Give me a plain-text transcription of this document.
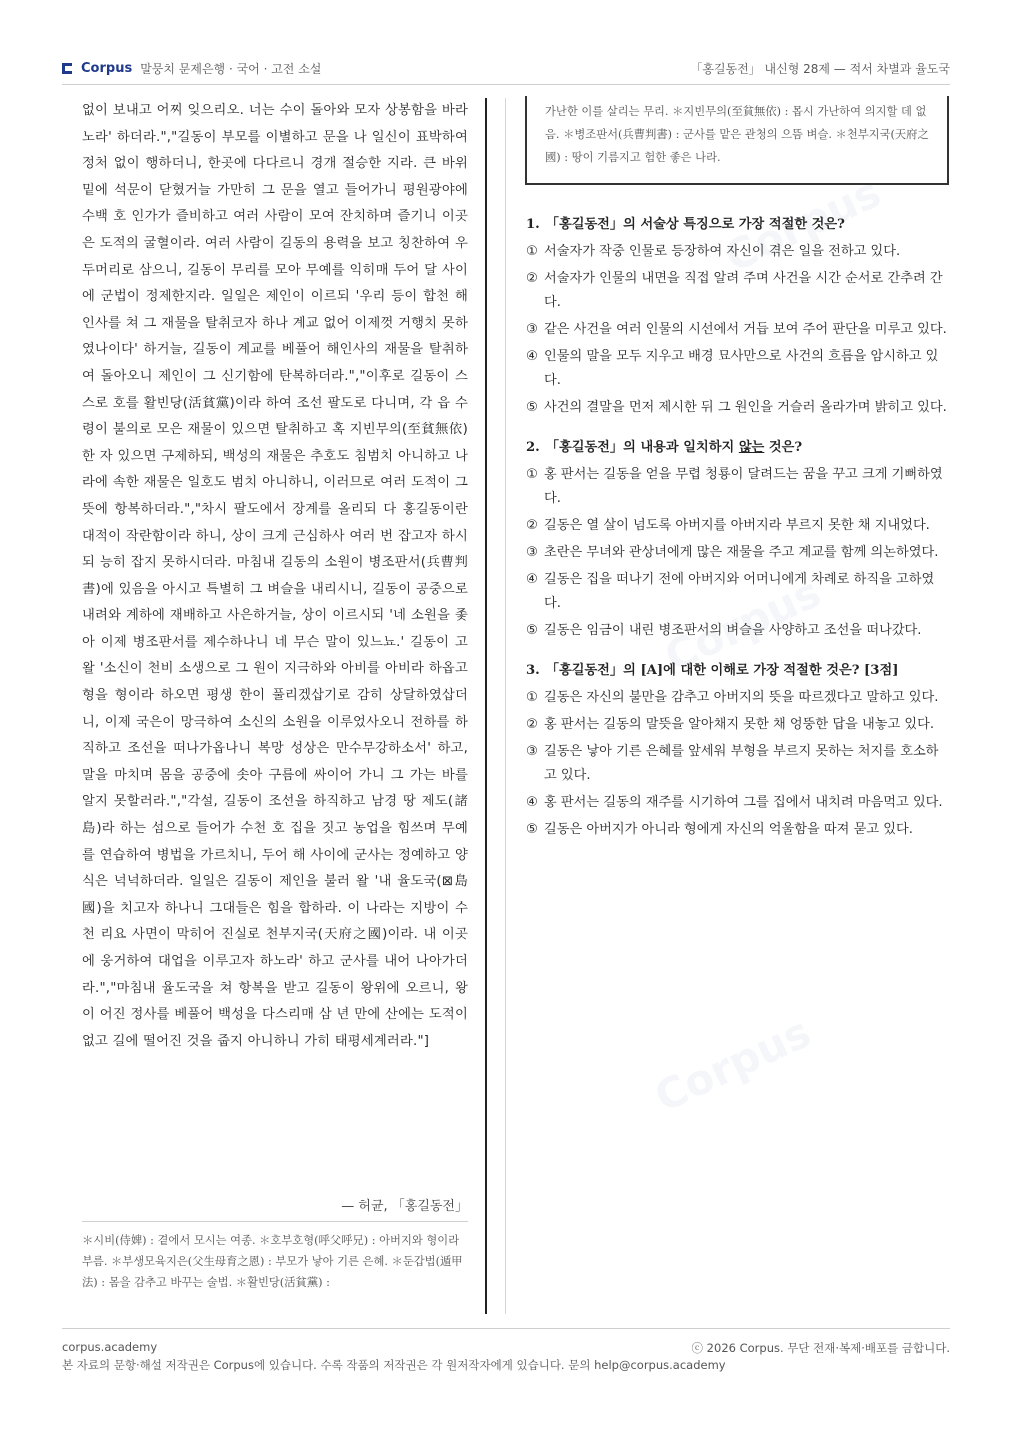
Corpus 말뭉치 문제은행 · 국어 · 고전 소설	「홍길동전」 내신형 28제 — 적서 차별과 율도국
없이 보내고 어찌 잊으리오. 너는 수이 돌아와 모자 상봉함을 바라노라' 하더라.","길동이 부모를 이별하고 문을 나 일신이 표박하여 정처 없이 행하더니, 한곳에 다다르니 경개 절승한 지라. 큰 바위 밑에 석문이 닫혔거늘 가만히 그 문을 열고 들어가니 평원광야에 수백 호 인가가 즐비하고 여러 사람이 모여 잔치하며 즐기니 이곳은 도적의 굴혈이라. 여러 사람이 길동의 용력을 보고 칭찬하여 우두머리로 삼으니, 길동이 무리를 모아 무예를 익히매 두어 달 사이에 군법이 정제한지라. 일일은 제인이 이르되 '우리 등이 합천 해인사를 쳐 그 재물을 탈취코자 하나 계교 없어 이제껏 거행치 못하였나이다' 하거늘, 길동이 계교를 베풀어 해인사의 재물을 탈취하여 돌아오니 제인이 그 신기함에 탄복하더라.","이후로 길동이 스스로 호를 활빈당(活貧黨)이라 하여 조선 팔도로 다니며, 각 읍 수령이 불의로 모은 재물이 있으면 탈취하고 혹 지빈무의(至貧無依)한 자 있으면 구제하되, 백성의 재물은 추호도 침범치 아니하고 나라에 속한 재물은 일호도 범치 아니하니, 이러므로 여러 도적이 그 뜻에 항복하더라.","차시 팔도에서 장계를 올리되 다 홍길동이란 대적이 작란함이라 하니, 상이 크게 근심하사 여러 번 잡고자 하시되 능히 잡지 못하시더라. 마침내 길동의 소원이 병조판서(兵曹判書)에 있음을 아시고 특별히 그 벼슬을 내리시니, 길동이 공중으로 내려와 계하에 재배하고 사은하거늘, 상이 이르시되 '네 소원을 좇아 이제 병조판서를 제수하나니 네 무슨 말이 있느뇨.' 길동이 고 왈 '소신이 천비 소생으로 그 원이 지극하와 아비를 아비라 하옵고 형을 형이라 하오면 평생 한이 풀리겠삽기로 감히 상달하였삽더니, 이제 국은이 망극하여 소신의 소원을 이루었사오니 전하를 하직하고 조선을 떠나가옵나니 복망 성상은 만수무강하소서' 하고, 말을 마치며 몸을 공중에 솟아 구름에 싸이어 가니 그 가는 바를 알지 못할러라.","각설, 길동이 조선을 하직하고 남경 땅 제도(諸島)라 하는 섬으로 들어가 수천 호 집을 짓고 농업을 힘쓰며 무예를 연습하여 병법을 가르치니, 두어 해 사이에 군사는 정예하고 양식은 넉넉하더라. 일일은 길동이 제인을 불러 왈 '내 율도국(⊠島國)을 치고자 하나니 그대들은 힘을 합하라. 이 나라는 지방이 수천 리요 사면이 막히어 진실로 천부지국(天府之國)이라. 내 이곳에 웅거하여 대업을 이루고자 하노라' 하고 군사를 내어 나아가더라.","마침내 율도국을 쳐 항복을 받고 길동이 왕위에 오르니, 왕이 어진 정사를 베풀어 백성을 다스리매 삼 년 만에 산에는 도적이 없고 길에 떨어진 것을 줍지 아니하니 가히 태평세계러라."]
— 허균, 「홍길동전」
＊시비(侍婢) : 곁에서 모시는 여종. ＊호부호형(呼父呼兄) : 아버지와 형이라 부름. ＊부생모육지은(父生母育之恩) : 부모가 낳아 기른 은혜. ＊둔갑법(遁甲法) : 몸을 감추고 바꾸는 술법. ＊활빈당(活貧黨) :
가난한 이를 살리는 무리. ＊지빈무의(至貧無依) : 몹시 가난하여 의지할 데 없음. ＊병조판서(兵曹判書) : 군사를 맡은 관청의 으뜸 벼슬. ＊천부지국(天府之國) : 땅이 기름지고 험한 좋은 나라.
1. 「홍길동전」의 서술상 특징으로 가장 적절한 것은?
① 서술자가 작중 인물로 등장하여 자신이 겪은 일을 전하고 있다.
② 서술자가 인물의 내면을 직접 알려 주며 사건을 시간 순서로 간추려 간다.
③ 같은 사건을 여러 인물의 시선에서 거듭 보여 주어 판단을 미루고 있다.
④ 인물의 말을 모두 지우고 배경 묘사만으로 사건의 흐름을 암시하고 있다.
⑤ 사건의 결말을 먼저 제시한 뒤 그 원인을 거슬러 올라가며 밝히고 있다.
2. 「홍길동전」의 내용과 일치하지 않는 것은?
① 홍 판서는 길동을 얻을 무렵 청룡이 달려드는 꿈을 꾸고 크게 기뻐하였다.
② 길동은 열 살이 넘도록 아버지를 아버지라 부르지 못한 채 지내었다.
③ 초란은 무녀와 관상녀에게 많은 재물을 주고 계교를 함께 의논하였다.
④ 길동은 집을 떠나기 전에 아버지와 어머니에게 차례로 하직을 고하였다.
⑤ 길동은 임금이 내린 병조판서의 벼슬을 사양하고 조선을 떠나갔다.
3. 「홍길동전」의 [A]에 대한 이해로 가장 적절한 것은? [3점]
① 길동은 자신의 불만을 감추고 아버지의 뜻을 따르겠다고 말하고 있다.
② 홍 판서는 길동의 말뜻을 알아채지 못한 채 엉뚱한 답을 내놓고 있다.
③ 길동은 낳아 기른 은혜를 앞세워 부형을 부르지 못하는 처지를 호소하고 있다.
④ 홍 판서는 길동의 재주를 시기하여 그를 집에서 내치려 마음먹고 있다.
⑤ 길동은 아버지가 아니라 형에게 자신의 억울함을 따져 묻고 있다.
corpus.academy	ⓒ 2026 Corpus. 무단 전재·복제·배포를 금합니다.
본 자료의 문항·해설 저작권은 Corpus에 있습니다. 수록 작품의 저작권은 각 원저작자에게 있습니다. 문의 help@corpus.academy
